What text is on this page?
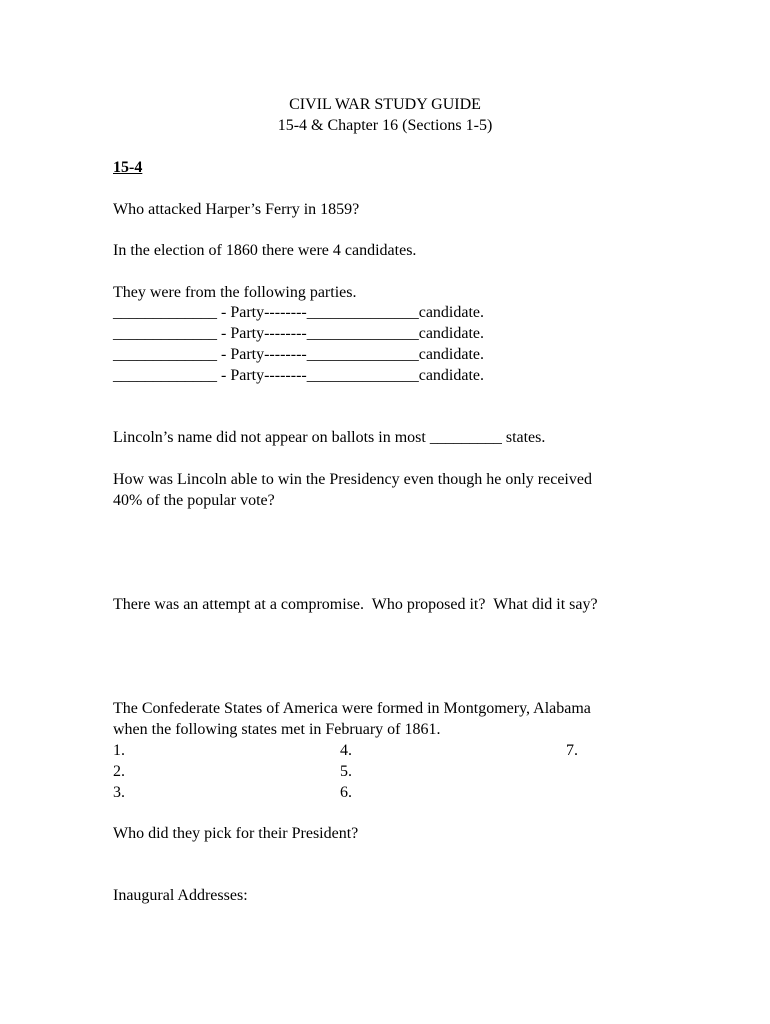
CIVIL WAR STUDY GUIDE
15-4 & Chapter 16 (Sections 1-5)
15-4
Who attacked Harper’s Ferry in 1859?
In the election of 1860 there were 4 candidates.
They were from the following parties.
_____________ - Party--------______________candidate.
_____________ - Party--------______________candidate.
_____________ - Party--------______________candidate.
_____________ - Party--------______________candidate.
Lincoln’s name did not appear on ballots in most _________ states.
How was Lincoln able to win the Presidency even though he only received
40% of the popular vote?
There was an attempt at a compromise.  Who proposed it?  What did it say?
The Confederate States of America were formed in Montgomery, Alabama
when the following states met in February of 1861.
1.	4.	7.
2.	5.
3.	6.
Who did they pick for their President?
Inaugural Addresses:
